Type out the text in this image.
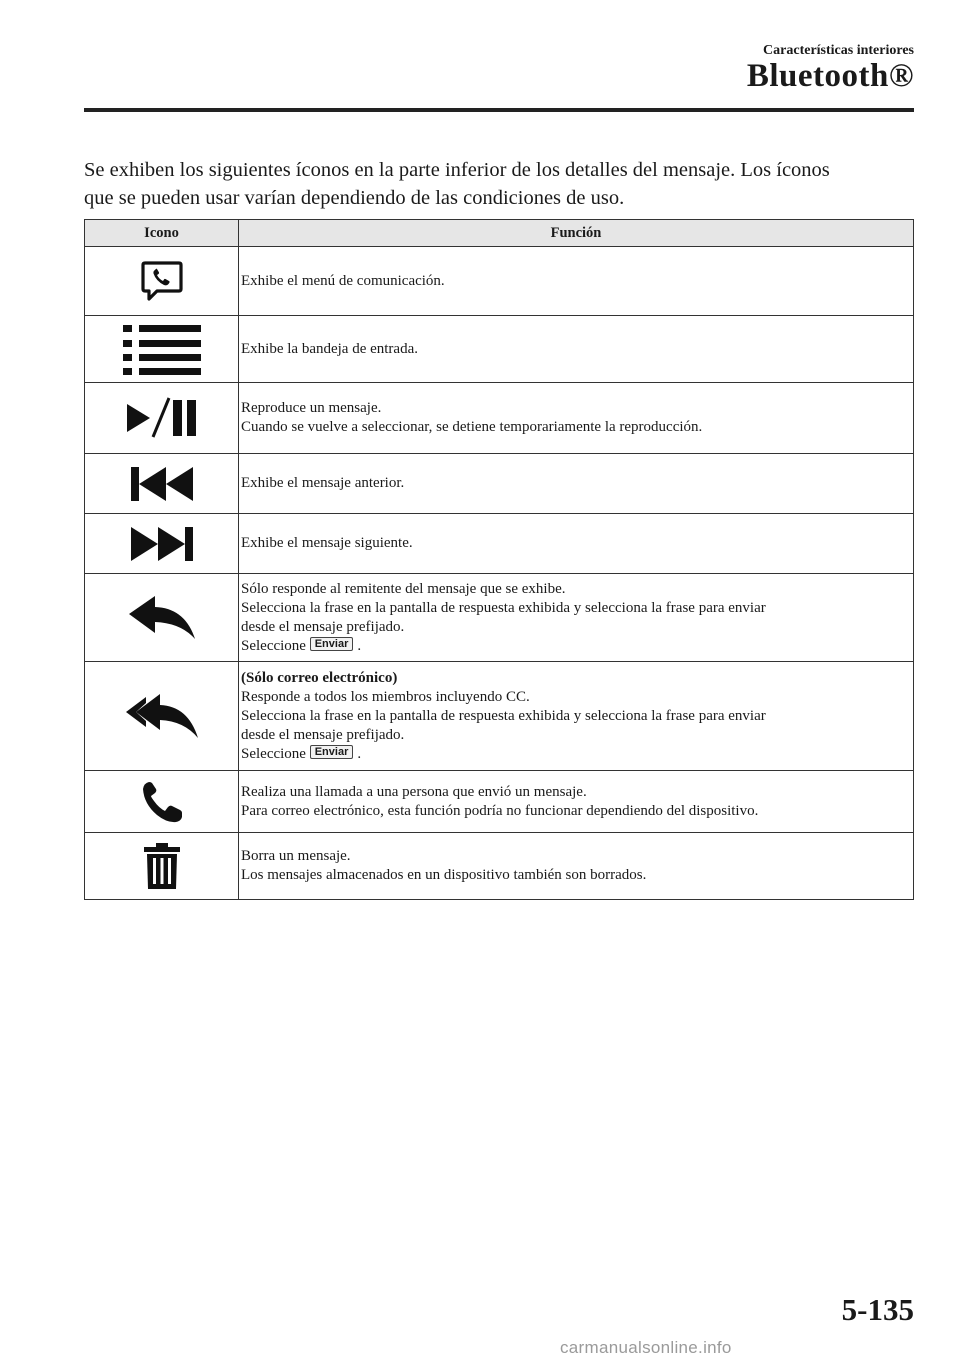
Características interiores
Bluetooth®
Se exhiben los siguientes íconos en la parte inferior de los detalles del mensaje. Los íconos
que se pueden usar varían dependiendo de las condiciones de uso.
Icono	Función

Exhibe el menú de comunicación.

Exhibe la bandeja de entrada.

Reproduce un mensaje.
Cuando se vuelve a seleccionar, se detiene temporariamente la reproducción.

Exhibe el mensaje anterior.

Exhibe el mensaje siguiente.

Sólo responde al remitente del mensaje que se exhibe.
Selecciona la frase en la pantalla de respuesta exhibida y selecciona la frase para enviar
desde el mensaje prefijado.
Seleccione Enviar .

(Sólo correo electrónico)
Responde a todos los miembros incluyendo CC.
Selecciona la frase en la pantalla de respuesta exhibida y selecciona la frase para enviar
desde el mensaje prefijado.
Seleccione Enviar .

Realiza una llamada a una persona que envió un mensaje.
Para correo electrónico, esta función podría no funcionar dependiendo del dispositivo.

Borra un mensaje.
Los mensajes almacenados en un dispositivo también son borrados.
5-135
carmanualsonline.info
